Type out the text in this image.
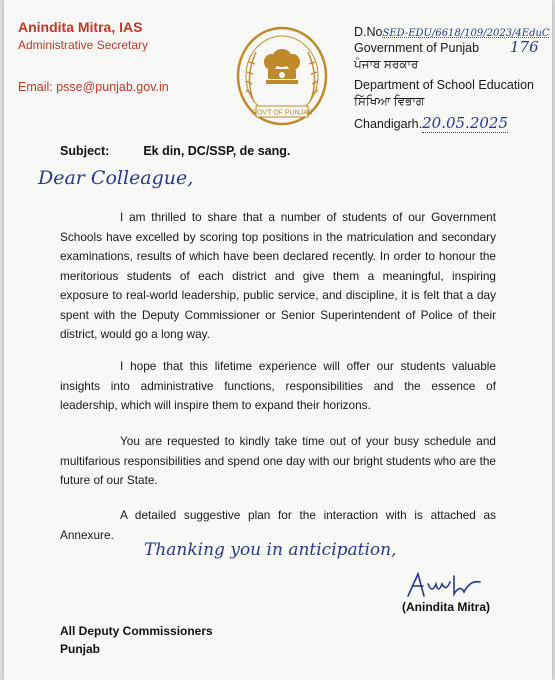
Anindita Mitra, IAS
Administrative Secretary
Email: psse@punjab.gov.in
GOVT OF PUNJAB
D.NoSED-EDU/6618/109/2023/4EduC
Government of Punjab 176
ਪੰਜਾਬ ਸਰਕਾਰ
Department of School Education
ਸਿੱਖਿਆ ਵਿਭਾਗ
Chandigarh.20.05.2025
Subject:	Ek din, DC/SSP, de sang.
Dear Colleague,

I am thrilled to share that a number of students of our Government Schools have excelled by scoring top positions in the matriculation and secondary examinations, results of which have been declared recently. In order to honour the meritorious students of each district and give them a meaningful, inspiring exposure to real-world leadership, public service, and discipline, it is felt that a day spent with the Deputy Commissioner or Senior Superintendent of Police of their district, would go a long way.

I hope that this lifetime experience will offer our students valuable insights into administrative functions, responsibilities and the essence of leadership, which will inspire them to expand their horizons.

You are requested to kindly take time out of your busy schedule and multifarious responsibilities and spend one day with our bright students who are the future of our State.

A detailed suggestive plan for the interaction with is attached as Annexure.

Thanking you in anticipation,
(Anindita Mitra)
All Deputy Commissioners
Punjab
